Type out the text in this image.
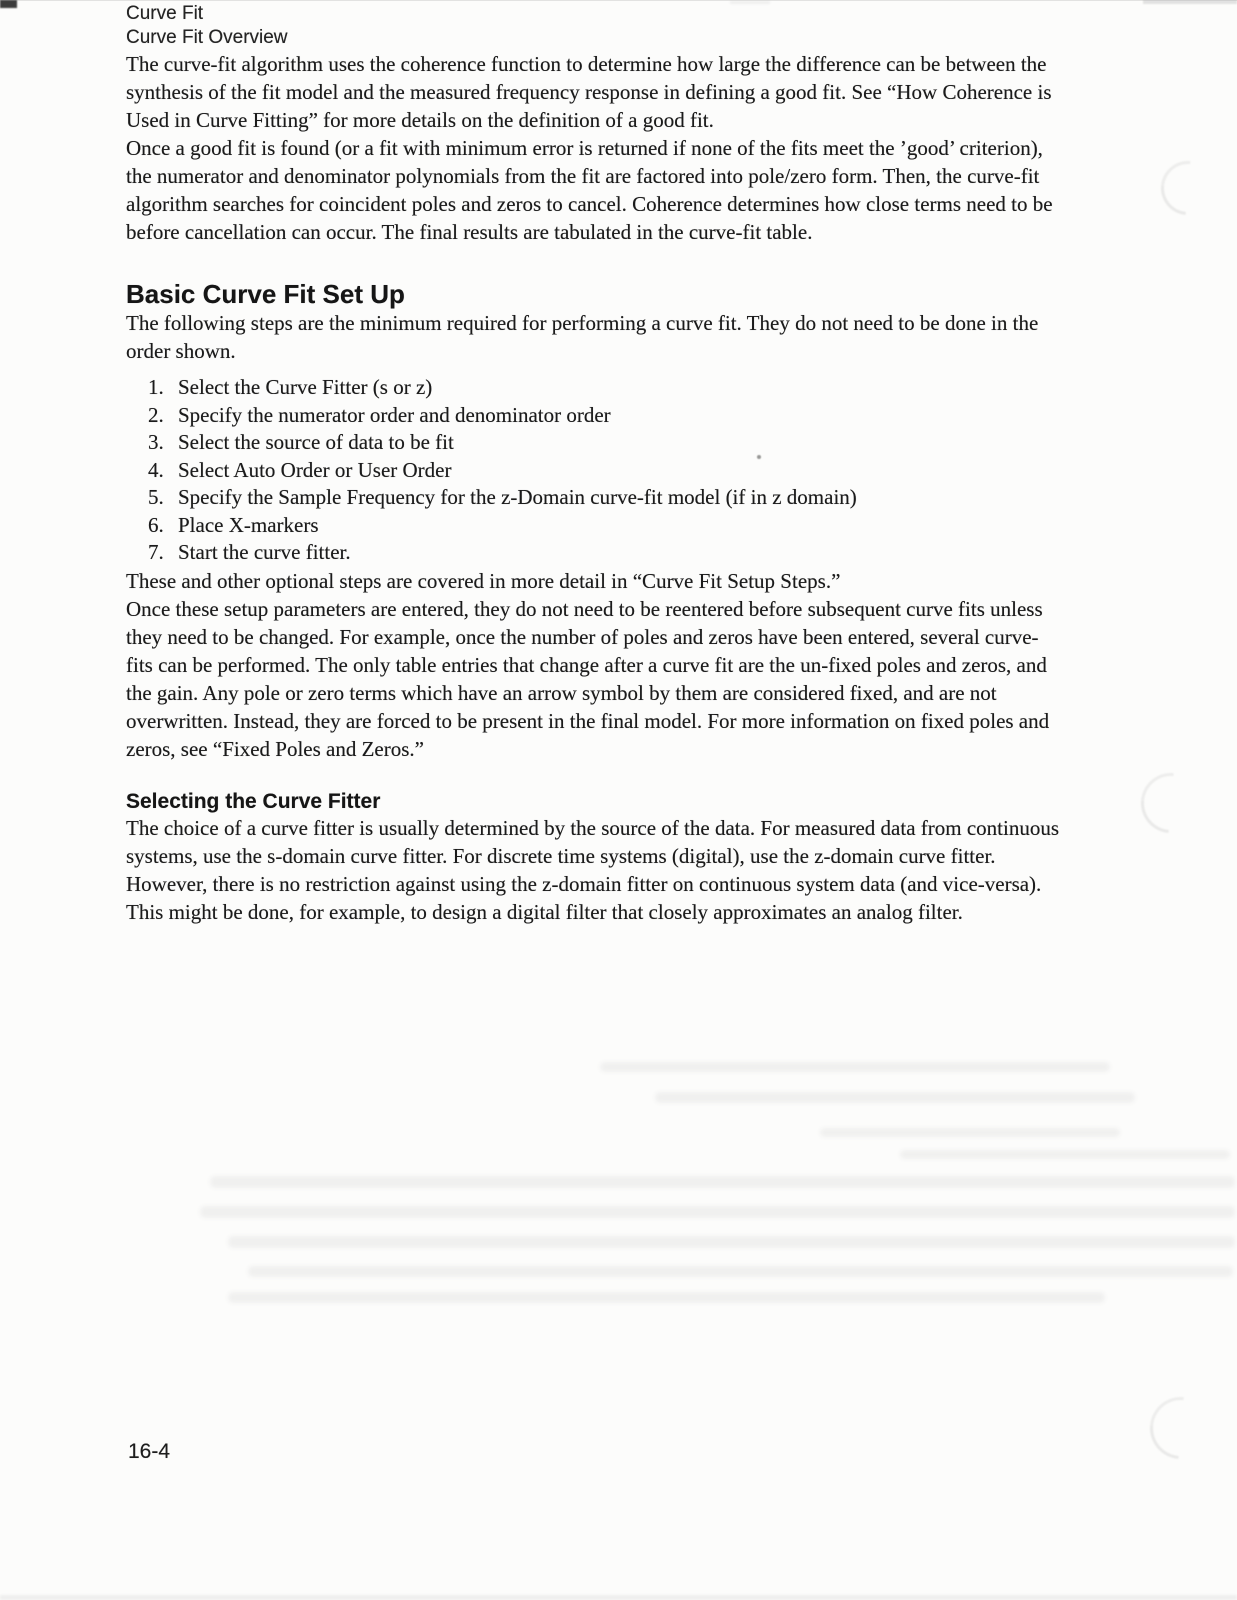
Curve Fit
Curve Fit Overview

The curve-fit algorithm uses the coherence function to determine how large the difference can be between the synthesis of the fit model and the measured frequency response in defining a good fit. See “How Coherence is Used in Curve Fitting” for more details on the definition of a good fit.

Once a good fit is found (or a fit with minimum error is returned if none of the fits meet the ’good’ criterion), the numerator and denominator polynomials from the fit are factored into pole/zero form. Then, the curve-fit algorithm searches for coincident poles and zeros to cancel. Coherence determines how close terms need to be before cancellation can occur. The final results are tabulated in the curve-fit table.

Basic Curve Fit Set Up

The following steps are the minimum required for performing a curve fit. They do not need to be done in the order shown.

Select the Curve Fitter (s or z)
Specify the numerator order and denominator order
Select the source of data to be fit
Select Auto Order or User Order
Specify the Sample Frequency for the z-Domain curve-fit model (if in z domain)
Place X-markers
Start the curve fitter.

These and other optional steps are covered in more detail in “Curve Fit Setup Steps.”

Once these setup parameters are entered, they do not need to be reentered before subsequent curve fits unless they need to be changed. For example, once the number of poles and zeros have been entered, several curve-fits can be performed. The only table entries that change after a curve fit are the un-fixed poles and zeros, and the gain. Any pole or zero terms which have an arrow symbol by them are considered fixed, and are not overwritten. Instead, they are forced to be present in the final model. For more information on fixed poles and zeros, see “Fixed Poles and Zeros.”

Selecting the Curve Fitter

The choice of a curve fitter is usually determined by the source of the data. For measured data from continuous systems, use the s-domain curve fitter. For discrete time systems (digital), use the z-domain curve fitter. However, there is no restriction against using the z-domain fitter on continuous system data (and vice-versa). This might be done, for example, to design a digital filter that closely approximates an analog filter.

16-4
